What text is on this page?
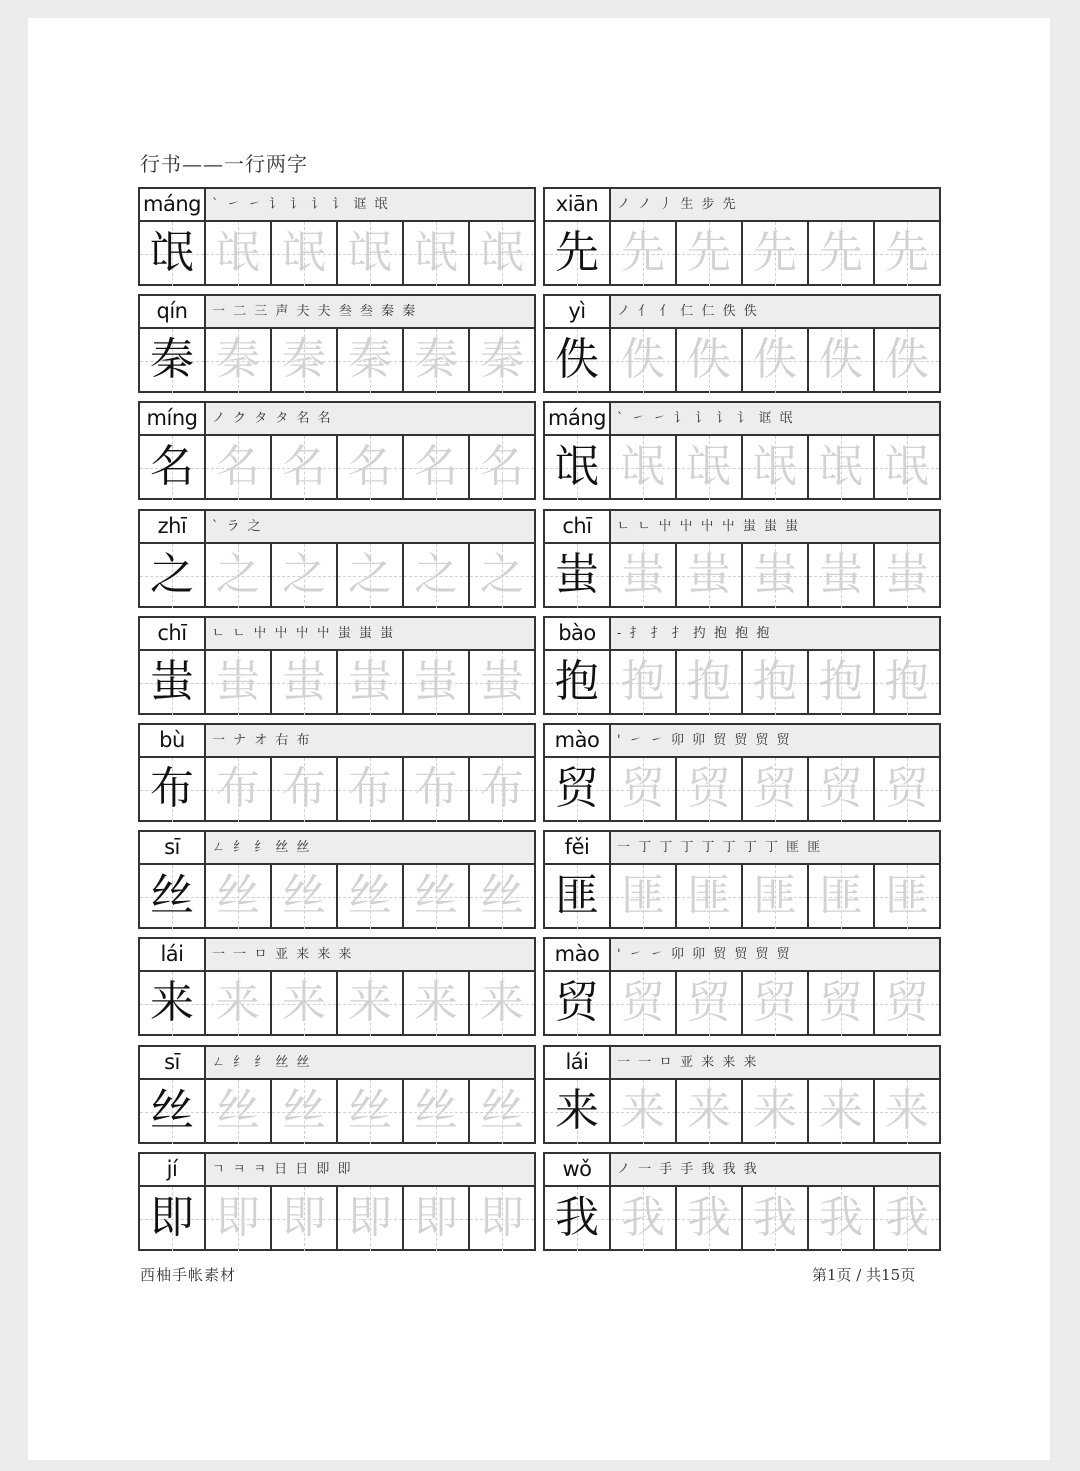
行书——一行两字
máng ` ㇀ ㇀ 讠 讠 讠 讠 诓 氓
氓 氓 氓 氓 氓 氓
xiān	ノ ノ 丿 生 步 先
先 先 先 先 先 先
qín	一 二 三 声 夫 夫 叁 叁 秦 秦
秦 秦 秦 秦 秦 秦
yì	ノ 亻 亻 仁 仁 佚 佚
佚 佚 佚 佚 佚 佚
míng	ノ ク タ タ 名 名
名 名 名 名 名 名
máng ` ㇀ ㇀ 讠 讠 讠 讠 诓 氓
氓 氓 氓 氓 氓 氓
zhī	` ラ 之
之 之 之 之 之 之
chī	ㄴ ㄴ 屮 屮 屮 屮 蚩 蚩 蚩
蚩 蚩 蚩 蚩 蚩 蚩
chī	ㄴ ㄴ 屮 屮 屮 屮 蚩 蚩 蚩
蚩 蚩 蚩 蚩 蚩 蚩
bào	- 扌 扌 扌 扚 抱 抱 抱
抱 抱 抱 抱 抱 抱
bù	一 ナ オ 右 布
布 布 布 布 布 布
mào	' ㇀ ㇀ 卯 卯 贸 贸 贸 贸
贸 贸 贸 贸 贸 贸
sī	ㄥ 纟 纟 丝 丝
丝 丝 丝 丝 丝 丝
fěi	一 丁 丁 丁 丁 丁 丁 丁 匪 匪
匪 匪 匪 匪 匪 匪
lái	一 一 ㅁ 亚 来 来 来
来 来 来 来 来 来
mào	' ㇀ ㇀ 卯 卯 贸 贸 贸 贸
贸 贸 贸 贸 贸 贸
sī	ㄥ 纟 纟 丝 丝
丝 丝 丝 丝 丝 丝
lái	一 一 ㅁ 亚 来 来 来
来 来 来 来 来 来
jí	ㄱ ㅋ ㅋ 日 日 即 即
即 即 即 即 即 即
wǒ	ノ 一 手 手 我 我 我
我 我 我 我 我 我
西柚手帐素材	第1页 / 共15页
